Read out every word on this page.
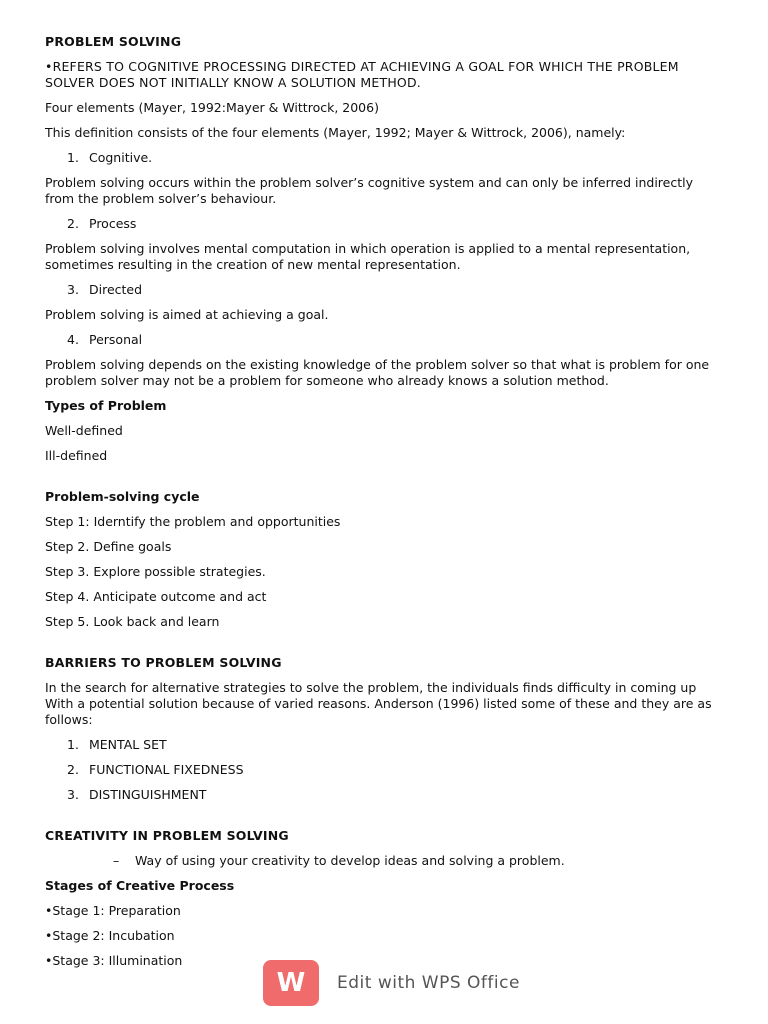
PROBLEM SOLVING

•REFERS TO COGNITIVE PROCESSING DIRECTED AT ACHIEVING A GOAL FOR WHICH THE PROBLEM SOLVER DOES NOT INITIALLY KNOW A SOLUTION METHOD.

Four elements (Mayer, 1992:Mayer & Wittrock, 2006)

This definition consists of the four elements (Mayer, 1992; Mayer & Wittrock, 2006), namely:

1. Cognitive.

Problem solving occurs within the problem solver’s cognitive system and can only be inferred indirectly from the problem solver’s behaviour.

2. Process

Problem solving involves mental computation in which operation is applied to a mental representation, sometimes resulting in the creation of new mental representation.

3. Directed

Problem solving is aimed at achieving a goal.

4. Personal

Problem solving depends on the existing knowledge of the problem solver so that what is problem for one problem solver may not be a problem for someone who already knows a solution method.

Types of Problem

Well-defined

Ill-defined

Problem-solving cycle

Step 1: Iderntify the problem and opportunities

Step 2. Define goals

Step 3. Explore possible strategies.

Step 4. Anticipate outcome and act

Step 5. Look back and learn

BARRIERS TO PROBLEM SOLVING

In the search for alternative strategies to solve the problem, the individuals finds difficulty in coming up With a potential solution because of varied reasons. Anderson (1996) listed some of these and they are as follows:

1. MENTAL SET
2. FUNCTIONAL FIXEDNESS
3. DISTINGUISHMENT

CREATIVITY IN PROBLEM SOLVING

–	Way of using your creativity to develop ideas and solving a problem.

Stages of Creative Process

•Stage 1: Preparation

•Stage 2: Incubation

•Stage 3: Illumination

W Edit with WPS Office
